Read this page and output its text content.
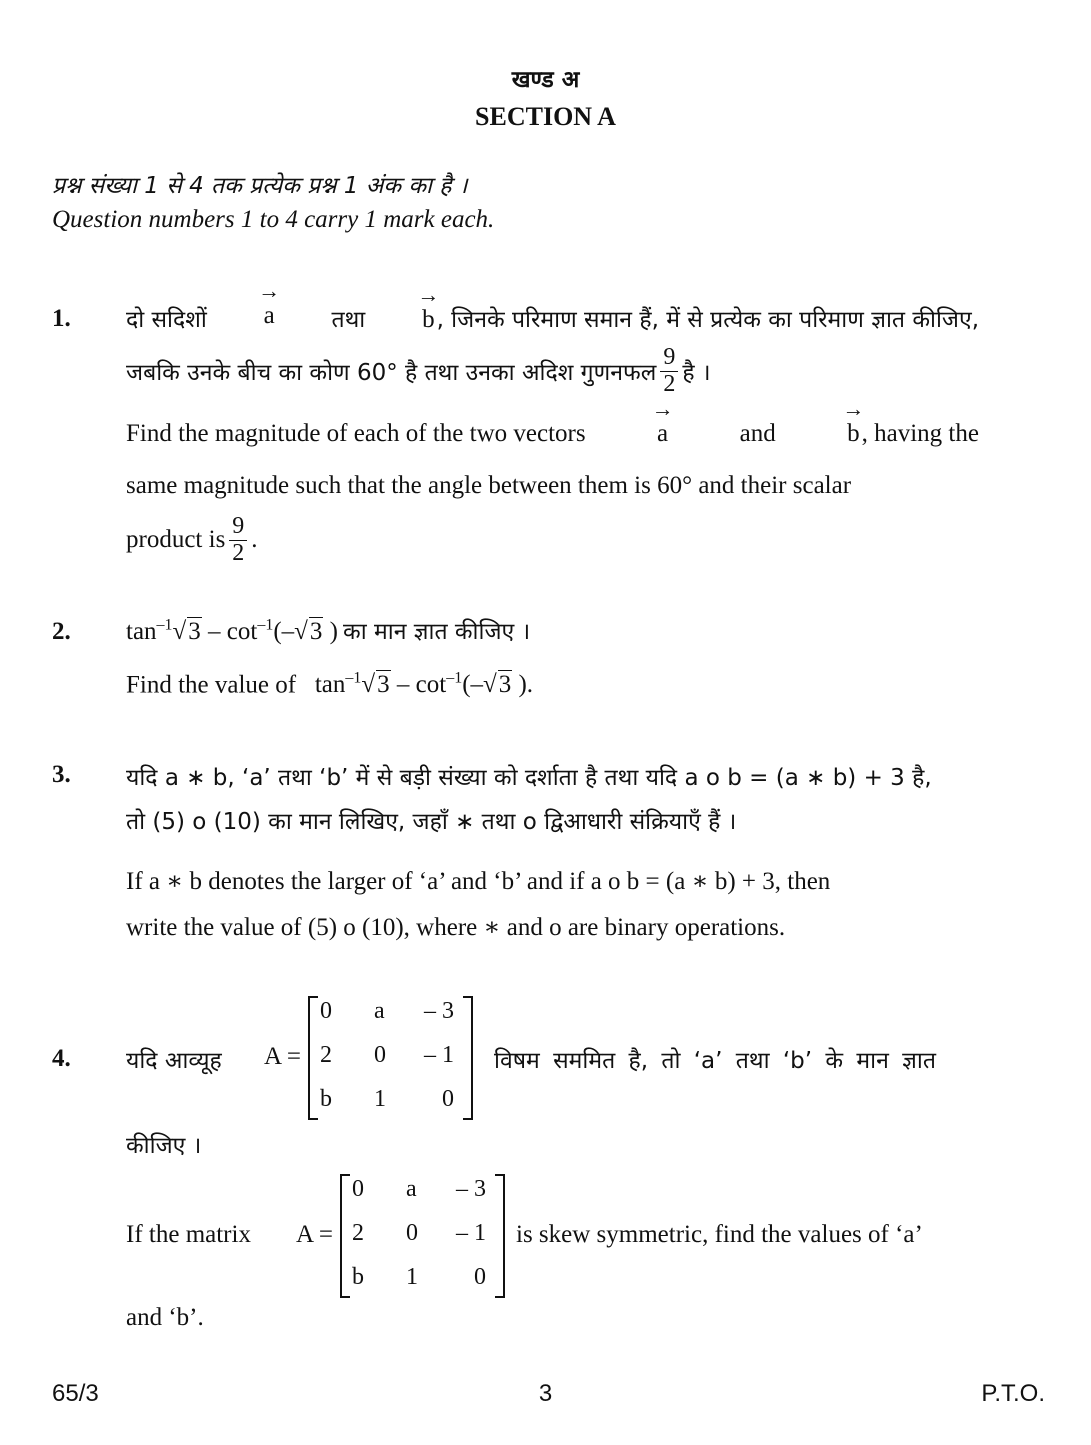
खण्ड अ
SECTION A
प्रश्न संख्या 1 से 4 तक प्रत्येक प्रश्न 1 अंक का है ।
Question numbers 1 to 4 carry 1 mark each.
1. दो सदिशों
→
a तथा
→
b, जिनके परिमाण समान हैं, में से प्रत्येक का परिमाण ज्ञात कीजिए,
जबकि उनके बीच का कोण 60° है तथा उनका अदिश गुणनफल $\frac{9}{2}$ है ।
Find the magnitude of each of the two vectors
→
a	and
→
b, having the
same magnitude such that the angle between them is 60° and their scalar
product is $\frac{9}{2}$ .
2. $\tan^{-1}√3 - \cot^{-1}(-√3$ ) का मान ज्ञात कीजिए ।
Find the value of   $\tan^{-1}√3 - \cot^{-1}(-√3$ ).
3. यदि a ∗ b, ‘a’ तथा ‘b’ में से बड़ी संख्या को दर्शाता है तथा यदि a o b = (a ∗ b) + 3 है,
तो (5) o (10) का मान लिखिए, जहाँ ∗ तथा o द्विआधारी संक्रियाएँ हैं ।
If a ∗ b denotes the larger of ‘a’ and ‘b’ and if a o b = (a ∗ b) + 3, then
write the value of (5) o (10), where ∗ and o are binary operations.
4. यदि आव्यूह A =
0 a – 3
2 0 – 1
b 1 0
विषम सममित है, तो ‘a’ तथा ‘b’ के मान ज्ञात
कीजिए ।
If the matrix A =
0 a – 3
2 0 – 1
b 1 0
is skew symmetric, find the values of ‘a’
and ‘b’.
65/3	3	P.T.O.
